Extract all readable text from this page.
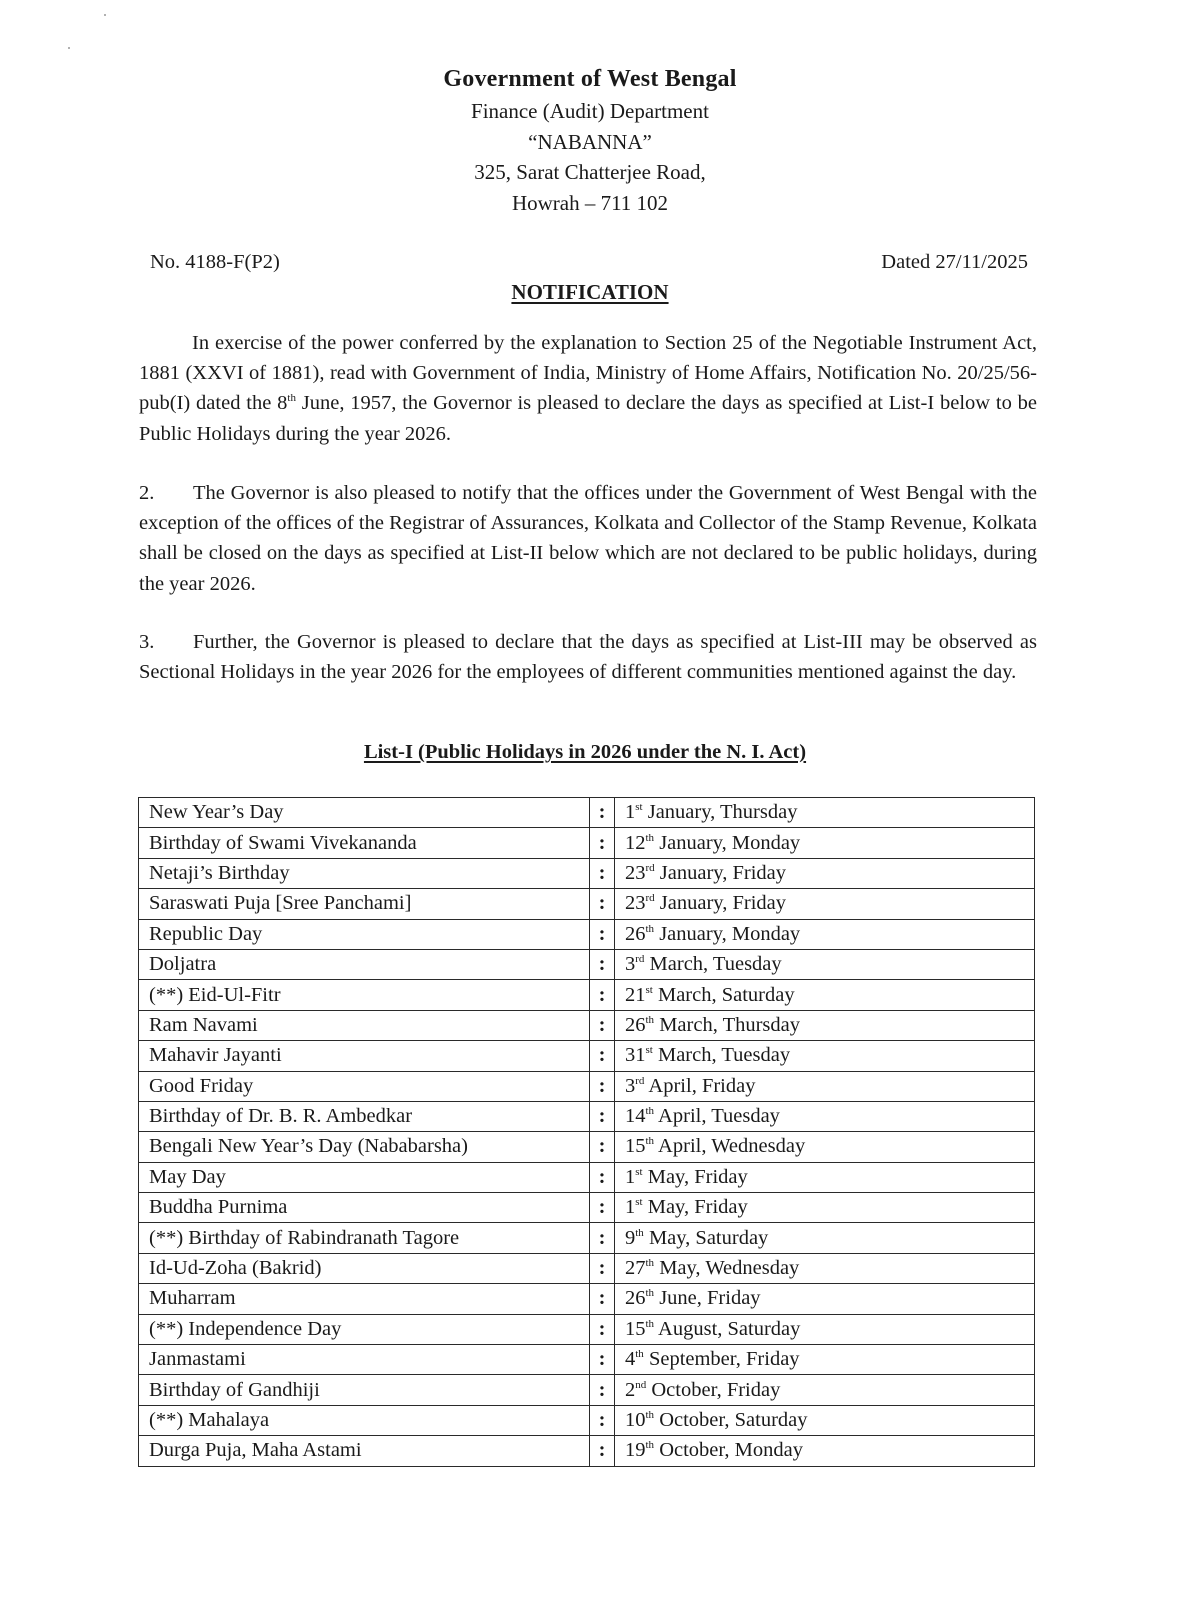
Government of West Bengal
Finance (Audit) Department
“NABANNA”
325, Sarat Chatterjee Road,
Howrah – 711 102
No. 4188-F(P2)	Dated 27/11/2025
NOTIFICATION

In exercise of the power conferred by the explanation to Section 25 of the Negotiable Instrument Act, 1881 (XXVI of 1881), read with Government of India, Ministry of Home Affairs, Notification No. 20/25/56-pub(I) dated the 8th June, 1957, the Governor is pleased to declare the days as specified at List-I below to be Public Holidays during the year 2026.

2. The Governor is also pleased to notify that the offices under the Government of West Bengal with the exception of the offices of the Registrar of Assurances, Kolkata and Collector of the Stamp Revenue, Kolkata shall be closed on the days as specified at List-II below which are not declared to be public holidays, during the year 2026.

3. Further, the Governor is pleased to declare that the days as specified at List-III may be observed as Sectional Holidays in the year 2026 for the employees of different communities mentioned against the day.

List-I (Public Holidays in 2026 under the N. I. Act)
New Year’s Day	:	1st January, Thursday
Birthday of Swami Vivekananda	:	12th January, Monday
Netaji’s Birthday	:	23rd January, Friday
Saraswati Puja [Sree Panchami]	:	23rd January, Friday
Republic Day	:	26th January, Monday
Doljatra	:	3rd March, Tuesday
(**) Eid-Ul-Fitr	:	21st March, Saturday
Ram Navami	:	26th March, Thursday
Mahavir Jayanti	:	31st March, Tuesday
Good Friday	:	3rd April, Friday
Birthday of Dr. B. R. Ambedkar	:	14th April, Tuesday
Bengali New Year’s Day (Nababarsha)	:	15th April, Wednesday
May Day	:	1st May, Friday
Buddha Purnima	:	1st May, Friday
(**) Birthday of Rabindranath Tagore	:	9th May, Saturday
Id-Ud-Zoha (Bakrid)	:	27th May, Wednesday
Muharram	:	26th June, Friday
(**) Independence Day	:	15th August, Saturday
Janmastami	:	4th September, Friday
Birthday of Gandhiji	:	2nd October, Friday
(**) Mahalaya	:	10th October, Saturday
Durga Puja, Maha Astami	:	19th October, Monday
